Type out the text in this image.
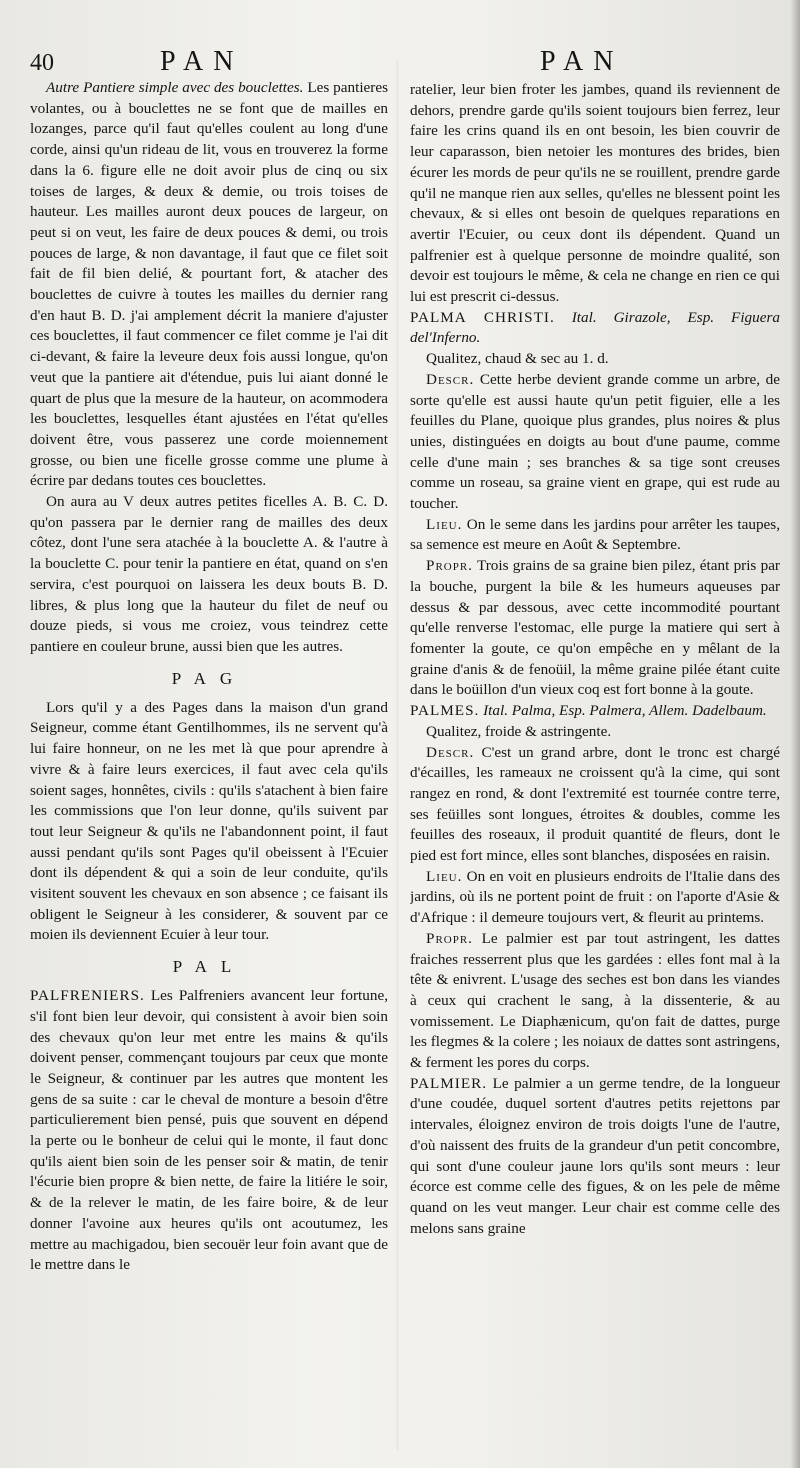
40	PAN	PAN

Autre Pantiere simple avec des bouclettes. Les pantieres volantes, ou à bouclettes ne se font que de mailles en lozanges, parce qu'il faut qu'elles coulent au long d'une corde, ainsi qu'un rideau de lit, vous en trouverez la forme dans la 6. figure elle ne doit avoir plus de cinq ou six toises de larges, & deux & demie, ou trois toises de hauteur. Les mailles auront deux pouces de largeur, on peut si on veut, les faire de deux pouces & demi, ou trois pouces de large, & non davantage, il faut que ce filet soit fait de fil bien delié, & pourtant fort, & atacher des bouclettes de cuivre à toutes les mailles du dernier rang d'en haut B. D. j'ai amplement décrit la maniere d'ajuster ces bouclettes, il faut commencer ce filet comme je l'ai dit ci-devant, & faire la leveure deux fois aussi longue, qu'on veut que la pantiere ait d'étendue, puis lui aiant donné le quart de plus que la mesure de la hauteur, on acommodera les bouclettes, lesquelles étant ajustées en l'état qu'elles doivent être, vous passerez une corde moiennement grosse, ou bien une ficelle grosse comme une plume à écrire par dedans toutes ces bouclettes.

On aura au V deux autres petites ficelles A. B. C. D. qu'on passera par le dernier rang de mailles des deux côtez, dont l'une sera atachée à la bouclette A. & l'autre à la bouclette C. pour tenir la pantiere en état, quand on s'en servira, c'est pourquoi on laissera les deux bouts B. D. libres, & plus long que la hauteur du filet de neuf ou douze pieds, si vous me croiez, vous teindrez cette pantiere en couleur brune, aussi bien que les autres.

PAG

Lors qu'il y a des Pages dans la maison d'un grand Seigneur, comme étant Gentilhommes, ils ne servent qu'à lui faire honneur, on ne les met là que pour aprendre à vivre & à faire leurs exercices, il faut avec cela qu'ils soient sages, honnêtes, civils : qu'ils s'atachent à bien faire les commissions que l'on leur donne, qu'ils suivent par tout leur Seigneur & qu'ils ne l'abandonnent point, il faut aussi pendant qu'ils sont Pages qu'il obeissent à l'Ecuier dont ils dépendent & qui a soin de leur conduite, qu'ils visitent souvent les chevaux en son absence ; ce faisant ils obligent le Seigneur à les considerer, & souvent par ce moien ils deviennent Ecuier à leur tour.

PAL

PALFRENIERS. Les Palfreniers avancent leur fortune, s'il font bien leur devoir, qui consistent à avoir bien soin des chevaux qu'on leur met entre les mains & qu'ils doivent penser, commençant toujours par ceux que monte le Seigneur, & continuer par les autres que montent les gens de sa suite : car le cheval de monture a besoin d'être particulierement bien pensé, puis que souvent en dépend la perte ou le bonheur de celui qui le monte, il faut donc qu'ils aient bien soin de les penser soir & matin, de tenir l'écurie bien propre & bien nette, de faire la litiére le soir, & de la relever le matin, de les faire boire, & de leur donner l'avoine aux heures qu'ils ont acoutumez, les mettre au machigadou, bien secouër leur foin avant que de le mettre dans le

ratelier, leur bien froter les jambes, quand ils reviennent de dehors, prendre garde qu'ils soient toujours bien ferrez, leur faire les crins quand ils en ont besoin, les bien couvrir de leur caparasson, bien netoier les montures des brides, bien écurer les mords de peur qu'ils ne se rouillent, prendre garde qu'il ne manque rien aux selles, qu'elles ne blessent point les chevaux, & si elles ont besoin de quelques reparations en avertir l'Ecuier, ou ceux dont ils dépendent. Quand un palfrenier est à quelque personne de moindre qualité, son devoir est toujours le même, & cela ne change en rien ce qui lui est prescrit ci-dessus.

PALMA CHRISTI. Ital. Girazole, Esp. Figuera del'Inferno.

Qualitez, chaud & sec au 1. d.

Descr. Cette herbe devient grande comme un arbre, de sorte qu'elle est aussi haute qu'un petit figuier, elle a les feuilles du Plane, quoique plus grandes, plus noires & plus unies, distinguées en doigts au bout d'une paume, comme celle d'une main ; ses branches & sa tige sont creuses comme un roseau, sa graine vient en grape, qui est rude au toucher.

Lieu. On le seme dans les jardins pour arrêter les taupes, sa semence est meure en Août & Septembre.

Propr. Trois grains de sa graine bien pilez, étant pris par la bouche, purgent la bile & les humeurs aqueuses par dessus & par dessous, avec cette incommodité pourtant qu'elle renverse l'estomac, elle purge la matiere qui sert à fomenter la goute, ce qu'on empêche en y mêlant de la graine d'anis & de fenoüil, la même graine pilée étant cuite dans le boüillon d'un vieux coq est fort bonne à la goute.

PALMES. Ital. Palma, Esp. Palmera, Allem. Dadelbaum.

Qualitez, froide & astringente.

Descr. C'est un grand arbre, dont le tronc est chargé d'écailles, les rameaux ne croissent qu'à la cime, qui sont rangez en rond, & dont l'extremité est tournée contre terre, ses feüilles sont longues, étroites & doubles, comme les feuilles des roseaux, il produit quantité de fleurs, dont le pied est fort mince, elles sont blanches, disposées en raisin.

Lieu. On en voit en plusieurs endroits de l'Italie dans des jardins, où ils ne portent point de fruit : on l'aporte d'Asie & d'Afrique : il demeure toujours vert, & fleurit au printems.

Propr. Le palmier est par tout astringent, les dattes fraiches resserrent plus que les gardées : elles font mal à la tête & enivrent. L'usage des seches est bon dans les viandes à ceux qui crachent le sang, à la dissenterie, & au vomissement. Le Diaphænicum, qu'on fait de dattes, purge les flegmes & la colere ; les noiaux de dattes sont astringens, & ferment les pores du corps.

PALMIER. Le palmier a un germe tendre, de la longueur d'une coudée, duquel sortent d'autres petits rejettons par intervales, éloignez environ de trois doigts l'une de l'autre, d'où naissent des fruits de la grandeur d'un petit concombre, qui sont d'une couleur jaune lors qu'ils sont meurs : leur écorce est comme celle des figues, & on les pele de même quand on les veut manger. Leur chair est comme celle des melons sans graine
